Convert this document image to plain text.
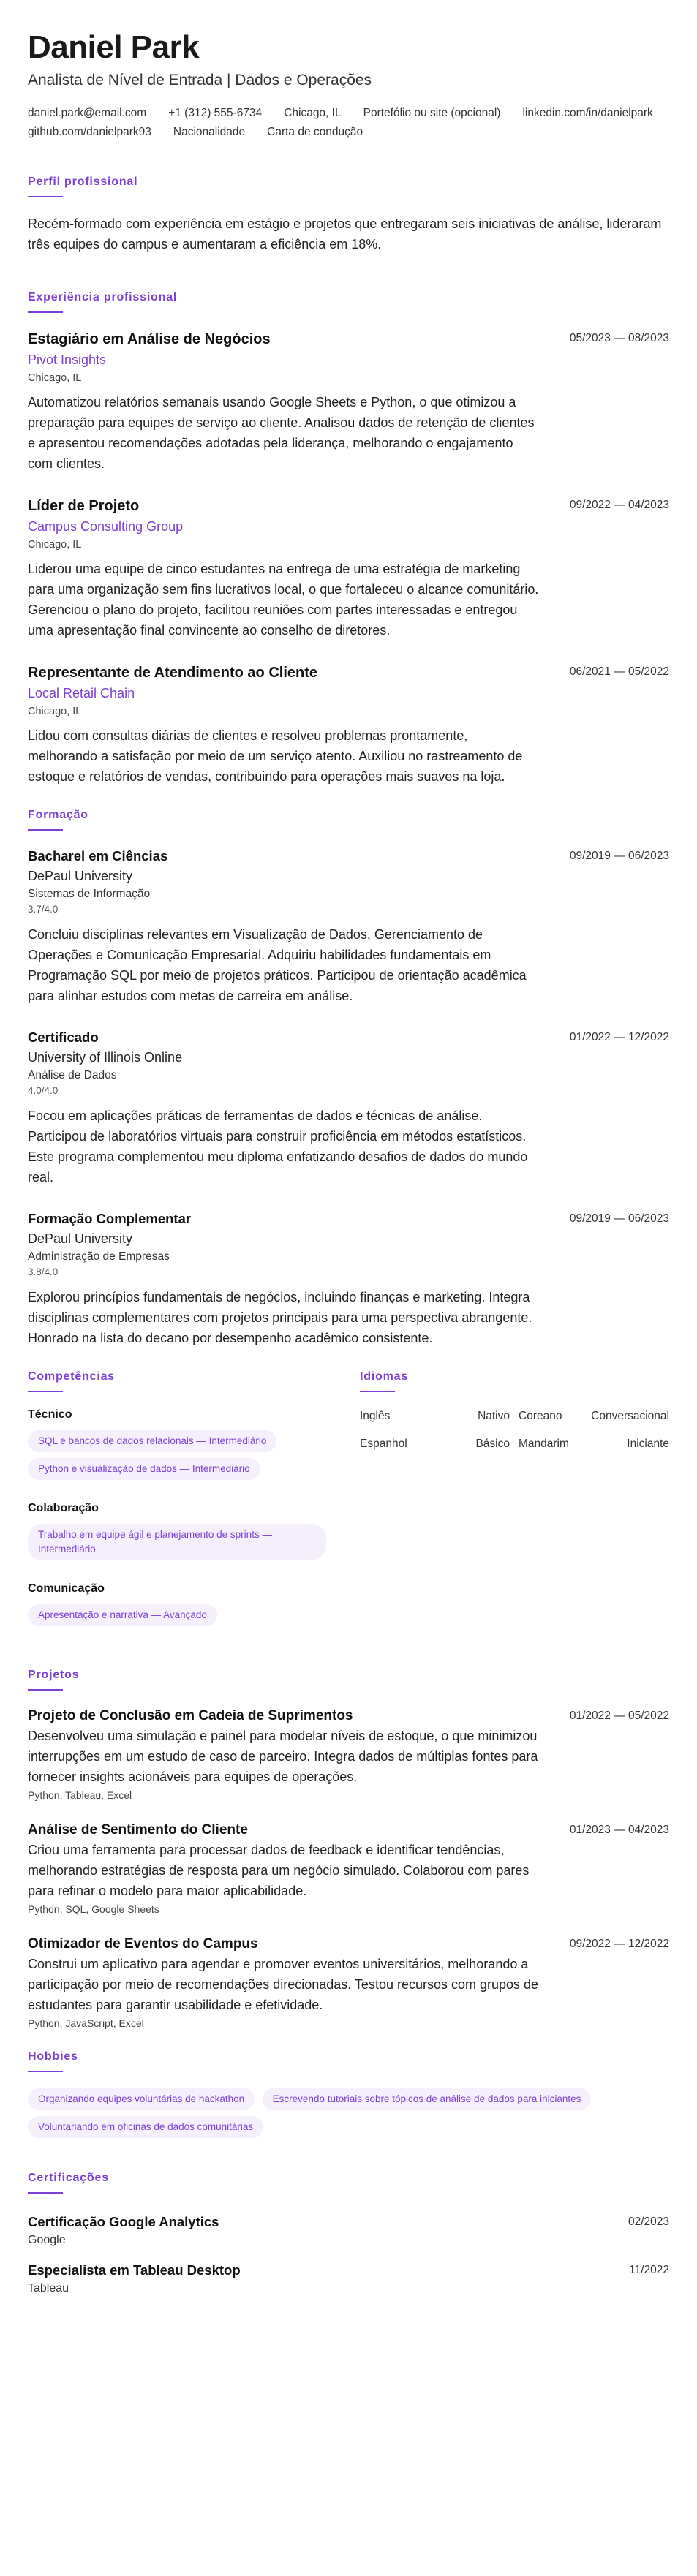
Daniel Park
Analista de Nível de Entrada | Dados e Operações
daniel.park@email.com +1 (312) 555-6734 Chicago, IL Portefólio ou site (opcional) linkedin.com/in/danielpark
github.com/danielpark93 Nacionalidade Carta de condução
Perfil profissional

Recém-formado com experiência em estágio e projetos que entregaram seis iniciativas de análise, lideraram três equipes do campus e aumentaram a eficiência em 18%.

Experiência profissional
Estagiário em Análise de Negócios	05/2023 — 08/2023
Pivot Insights
Chicago, IL

Automatizou relatórios semanais usando Google Sheets e Python, o que otimizou a preparação para equipes de serviço ao cliente. Analisou dados de retenção de clientes e apresentou recomendações adotadas pela liderança, melhorando o engajamento com clientes.

Líder de Projeto	09/2022 — 04/2023
Campus Consulting Group
Chicago, IL

Liderou uma equipe de cinco estudantes na entrega de uma estratégia de marketing para uma organização sem fins lucrativos local, o que fortaleceu o alcance comunitário. Gerenciou o plano do projeto, facilitou reuniões com partes interessadas e entregou uma apresentação final convincente ao conselho de diretores.

Representante de Atendimento ao Cliente	06/2021 — 05/2022
Local Retail Chain
Chicago, IL

Lidou com consultas diárias de clientes e resolveu problemas prontamente, melhorando a satisfação por meio de um serviço atento. Auxiliou no rastreamento de estoque e relatórios de vendas, contribuindo para operações mais suaves na loja.

Formação
Bacharel em Ciências	09/2019 — 06/2023
DePaul University
Sistemas de Informação
3.7/4.0

Concluiu disciplinas relevantes em Visualização de Dados, Gerenciamento de Operações e Comunicação Empresarial. Adquiriu habilidades fundamentais em Programação SQL por meio de projetos práticos. Participou de orientação acadêmica para alinhar estudos com metas de carreira em análise.

Certificado	01/2022 — 12/2022
University of Illinois Online
Análise de Dados
4.0/4.0

Focou em aplicações práticas de ferramentas de dados e técnicas de análise. Participou de laboratórios virtuais para construir proficiência em métodos estatísticos. Este programa complementou meu diploma enfatizando desafios de dados do mundo real.

Formação Complementar	09/2019 — 06/2023
DePaul University
Administração de Empresas
3.8/4.0

Explorou princípios fundamentais de negócios, incluindo finanças e marketing. Integra disciplinas complementares com projetos principais para uma perspectiva abrangente. Honrado na lista do decano por desempenho acadêmico consistente.

Competências
Técnico
SQL e bancos de dados relacionais — Intermediário
Python e visualização de dados — Intermediário
Colaboração
Trabalho em equipe ágil e planejamento de sprints — Intermediário
Comunicação
Apresentação e narrativa — Avançado
Idiomas
Inglês	Nativo Coreano	Conversacional
Espanhol	Básico Mandarim	Iniciante
Projetos
Projeto de Conclusão em Cadeia de Suprimentos	01/2022 — 05/2022

Desenvolveu uma simulação e painel para modelar níveis de estoque, o que minimizou interrupções em um estudo de caso de parceiro. Integra dados de múltiplas fontes para fornecer insights acionáveis para equipes de operações.

Python, Tableau, Excel
Análise de Sentimento do Cliente	01/2023 — 04/2023

Criou uma ferramenta para processar dados de feedback e identificar tendências, melhorando estratégias de resposta para um negócio simulado. Colaborou com pares para refinar o modelo para maior aplicabilidade.

Python, SQL, Google Sheets
Otimizador de Eventos do Campus	09/2022 — 12/2022

Construi um aplicativo para agendar e promover eventos universitários, melhorando a participação por meio de recomendações direcionadas. Testou recursos com grupos de estudantes para garantir usabilidade e efetividade.

Python, JavaScript, Excel
Hobbies
Organizando equipes voluntárias de hackathon	Escrevendo tutoriais sobre tópicos de análise de dados para iniciantes Voluntariando em oficinas de dados comunitárias
Certificações
Certificação Google Analytics	02/2023
Google
Especialista em Tableau Desktop	11/2022
Tableau
